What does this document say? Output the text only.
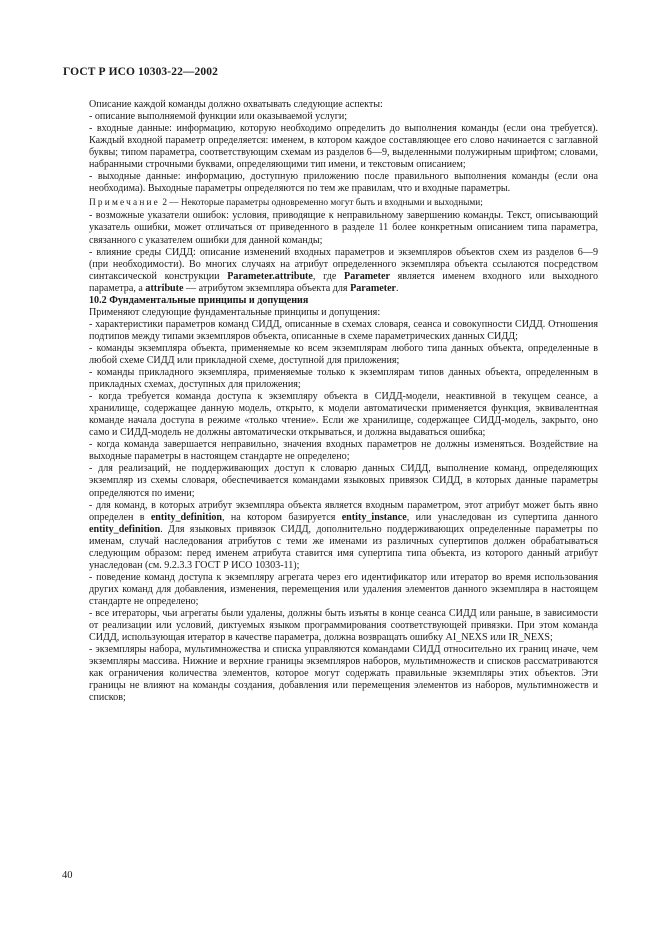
ГОСТ Р ИСО 10303-22—2002

Описание каждой команды должно охватывать следующие аспекты:

- описание выполняемой функции или оказываемой услуги;

- входные данные: информацию, которую необходимо определить до выполнения команды (если она требуется). Каждый входной параметр определяется: именем, в котором каждое составляющее его слово начинается с заглавной буквы; типом параметра, соответствующим схемам из разделов 6—9, выделенными полужирным шрифтом; словами, набранными строчными буквами, определяющими тип имени, и текстовым описанием;

- выходные данные: информацию, доступную приложению после правильного выполнения команды (если она необходима). Выходные параметры определяются по тем же правилам, что и входные параметры.

Примечание 2 — Некоторые параметры одновременно могут быть и входными и выходными;

- возможные указатели ошибок: условия, приводящие к неправильному завершению команды. Текст, описывающий указатель ошибки, может отличаться от приведенного в разделе 11 более конкретным описанием типа параметра, связанного с указателем ошибки для данной команды;

- влияние среды СИДД: описание изменений входных параметров и экземпляров объектов схем из разделов 6—9 (при необходимости). Во многих случаях на атрибут определенного экземпляра объекта ссылаются посредством синтаксической конструкции Parameter.attribute, где Parameter является именем входного или выходного параметра, а attribute — атрибутом экземпляра объекта для Parameter.

10.2 Фундаментальные принципы и допущения

Применяют следующие фундаментальные принципы и допущения:

- характеристики параметров команд СИДД, описанные в схемах словаря, сеанса и совокупности СИДД. Отношения подтипов между типами экземпляров объекта, описанные в схеме параметрических данных СИДД;

- команды экземпляра объекта, применяемые ко всем экземплярам любого типа данных объекта, определенные в любой схеме СИДД или прикладной схеме, доступной для приложения;

- команды прикладного экземпляра, применяемые только к экземплярам типов данных объекта, определенным в прикладных схемах, доступных для приложения;

- когда требуется команда доступа к экземпляру объекта в СИДД-модели, неактивной в текущем сеансе, а хранилище, содержащее данную модель, открыто, к модели автоматически применяется функция, эквивалентная команде начала доступа в режиме «только чтение». Если же хранилище, содержащее СИДД-модель, закрыто, оно само и СИДД-модель не должны автоматически открываться, и должна выдаваться ошибка;

- когда команда завершается неправильно, значения входных параметров не должны изменяться. Воздействие на выходные параметры в настоящем стандарте не определено;

- для реализаций, не поддерживающих доступ к словарю данных СИДД, выполнение команд, определяющих экземпляр из схемы словаря, обеспечивается командами языковых привязок СИДД, в которых данные параметры определяются по имени;

- для команд, в которых атрибут экземпляра объекта является входным параметром, этот атрибут может быть явно определен в entity_definition, на котором базируется entity_instance, или унаследован из супертипа данного entity_definition. Для языковых привязок СИДД, дополнительно поддерживающих определенные параметры по именам, случай наследования атрибутов с теми же именами из различных супертипов должен обрабатываться следующим образом: перед именем атрибута ставится имя супертипа типа объекта, из которого данный атрибут унаследован (см. 9.2.3.3 ГОСТ Р ИСО 10303-11);

- поведение команд доступа к экземпляру агрегата через его идентификатор или итератор во время использования других команд для добавления, изменения, перемещения или удаления элементов данного экземпляра в настоящем стандарте не определено;

- все итераторы, чьи агрегаты были удалены, должны быть изъяты в конце сеанса СИДД или раньше, в зависимости от реализации или условий, диктуемых языком программирования соответствующей привязки. При этом команда СИДД, использующая итератор в качестве параметра, должна возвращать ошибку AI_NEXS или IR_NEXS;

- экземпляры набора, мультимножества и списка управляются командами СИДД относительно их границ иначе, чем экземпляры массива. Нижние и верхние границы экземпляров наборов, мультимножеств и списков рассматриваются как ограничения количества элементов, которое могут содержать правильные экземпляры этих объектов. Эти границы не влияют на команды создания, добавления или перемещения элементов из наборов, мультимножеств и списков;

40
